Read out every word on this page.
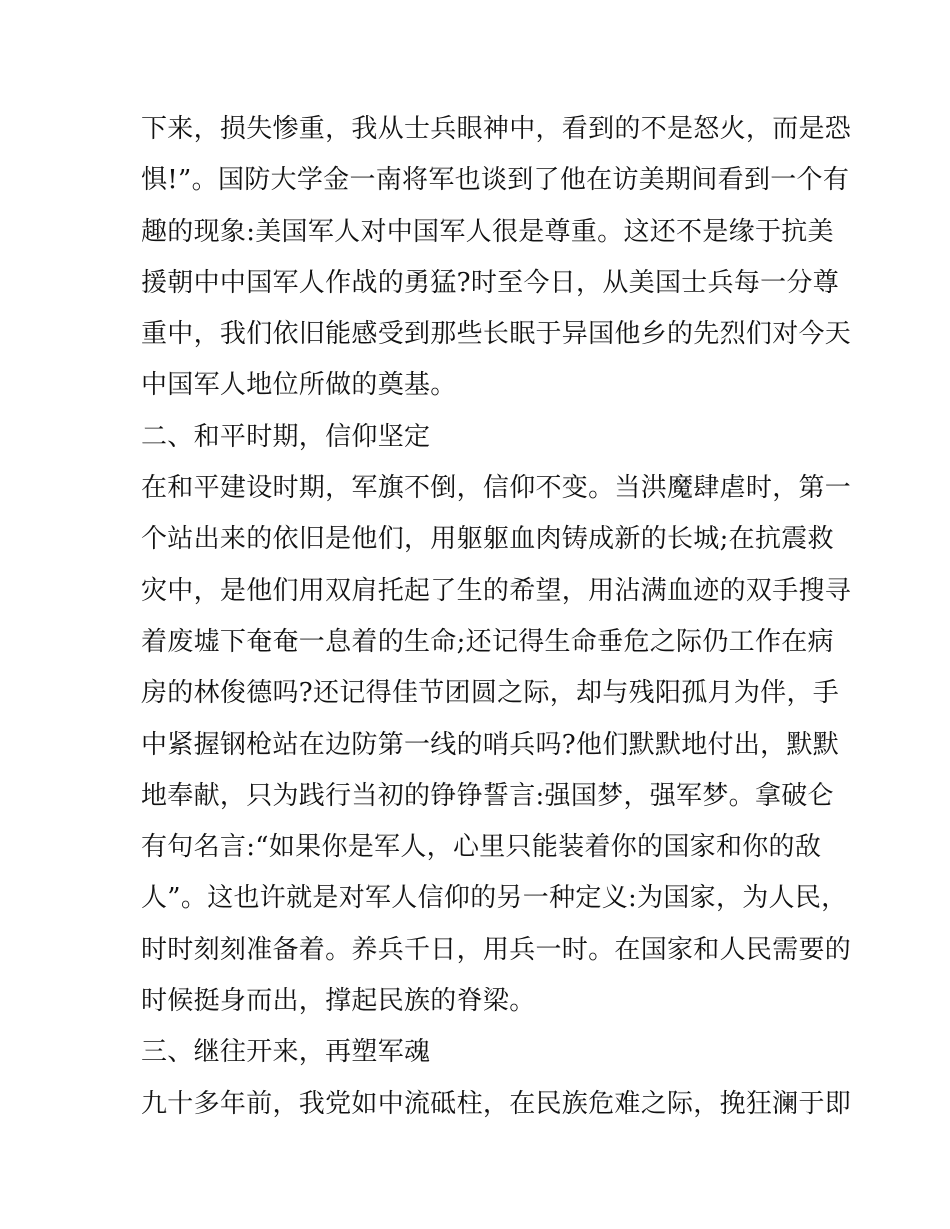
下来，损失惨重，我从士兵眼神中，看到的不是怒火，而是恐
惧!”。国防大学金一南将军也谈到了他在访美期间看到一个有
趣的现象:美国军人对中国军人很是尊重。这还不是缘于抗美
援朝中中国军人作战的勇猛?时至今日，从美国士兵每一分尊
重中，我们依旧能感受到那些长眠于异国他乡的先烈们对今天
中国军人地位所做的奠基。
二、和平时期，信仰坚定
在和平建设时期，军旗不倒，信仰不变。当洪魔肆虐时，第一
个站出来的依旧是他们，用躯躯血肉铸成新的长城;在抗震救
灾中，是他们用双肩托起了生的希望，用沾满血迹的双手搜寻
着废墟下奄奄一息着的生命;还记得生命垂危之际仍工作在病
房的林俊德吗?还记得佳节团圆之际，却与残阳孤月为伴，手
中紧握钢枪站在边防第一线的哨兵吗?他们默默地付出，默默
地奉献，只为践行当初的铮铮誓言:强国梦，强军梦。拿破仑
有句名言:“如果你是军人，心里只能装着你的国家和你的敌
人”。这也许就是对军人信仰的另一种定义:为国家，为人民，
时时刻刻准备着。养兵千日，用兵一时。在国家和人民需要的
时候挺身而出，撑起民族的脊梁。
三、继往开来，再塑军魂
九十多年前，我党如中流砥柱，在民族危难之际，挽狂澜于即
